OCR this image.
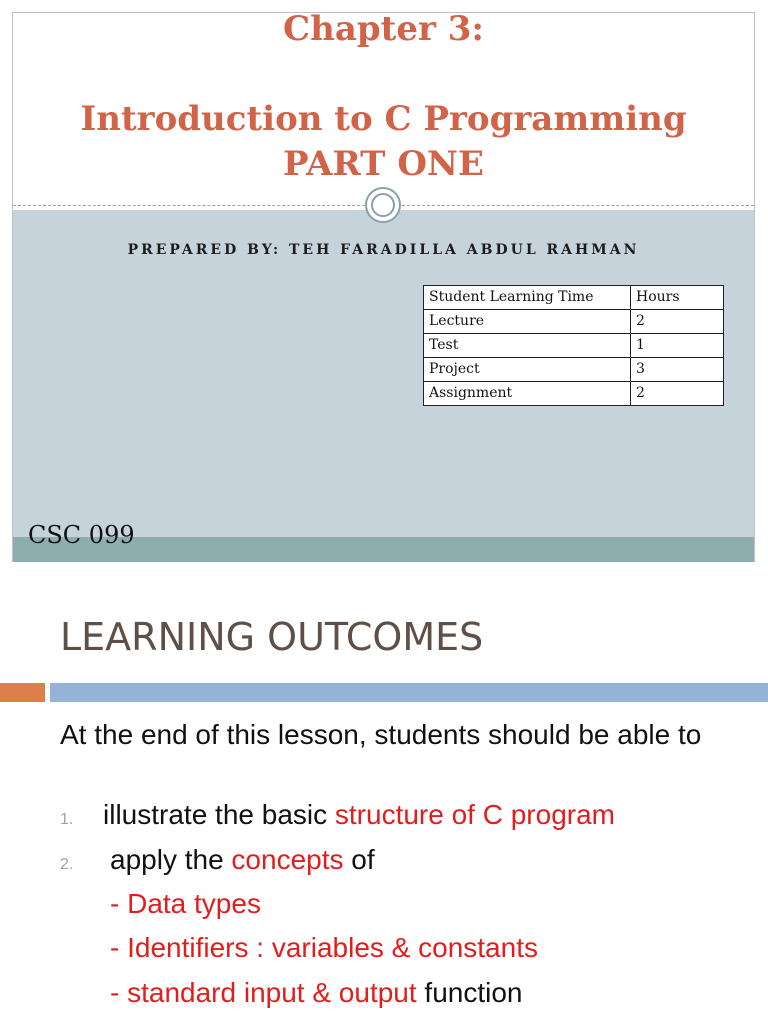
Chapter 3:
Introduction to C Programming
PART ONE
PREPARED BY: TEH FARADILLA ABDUL RAHMAN
Student Learning Time	Hours
Lecture	2
Test	1
Project	3
Assignment	2
CSC 099
LEARNING OUTCOMES
At the end of this lesson, students should be able to
1. illustrate the basic structure of C program
2. apply the concepts of
- Data types
- Identifiers : variables & constants
- standard input & output function
